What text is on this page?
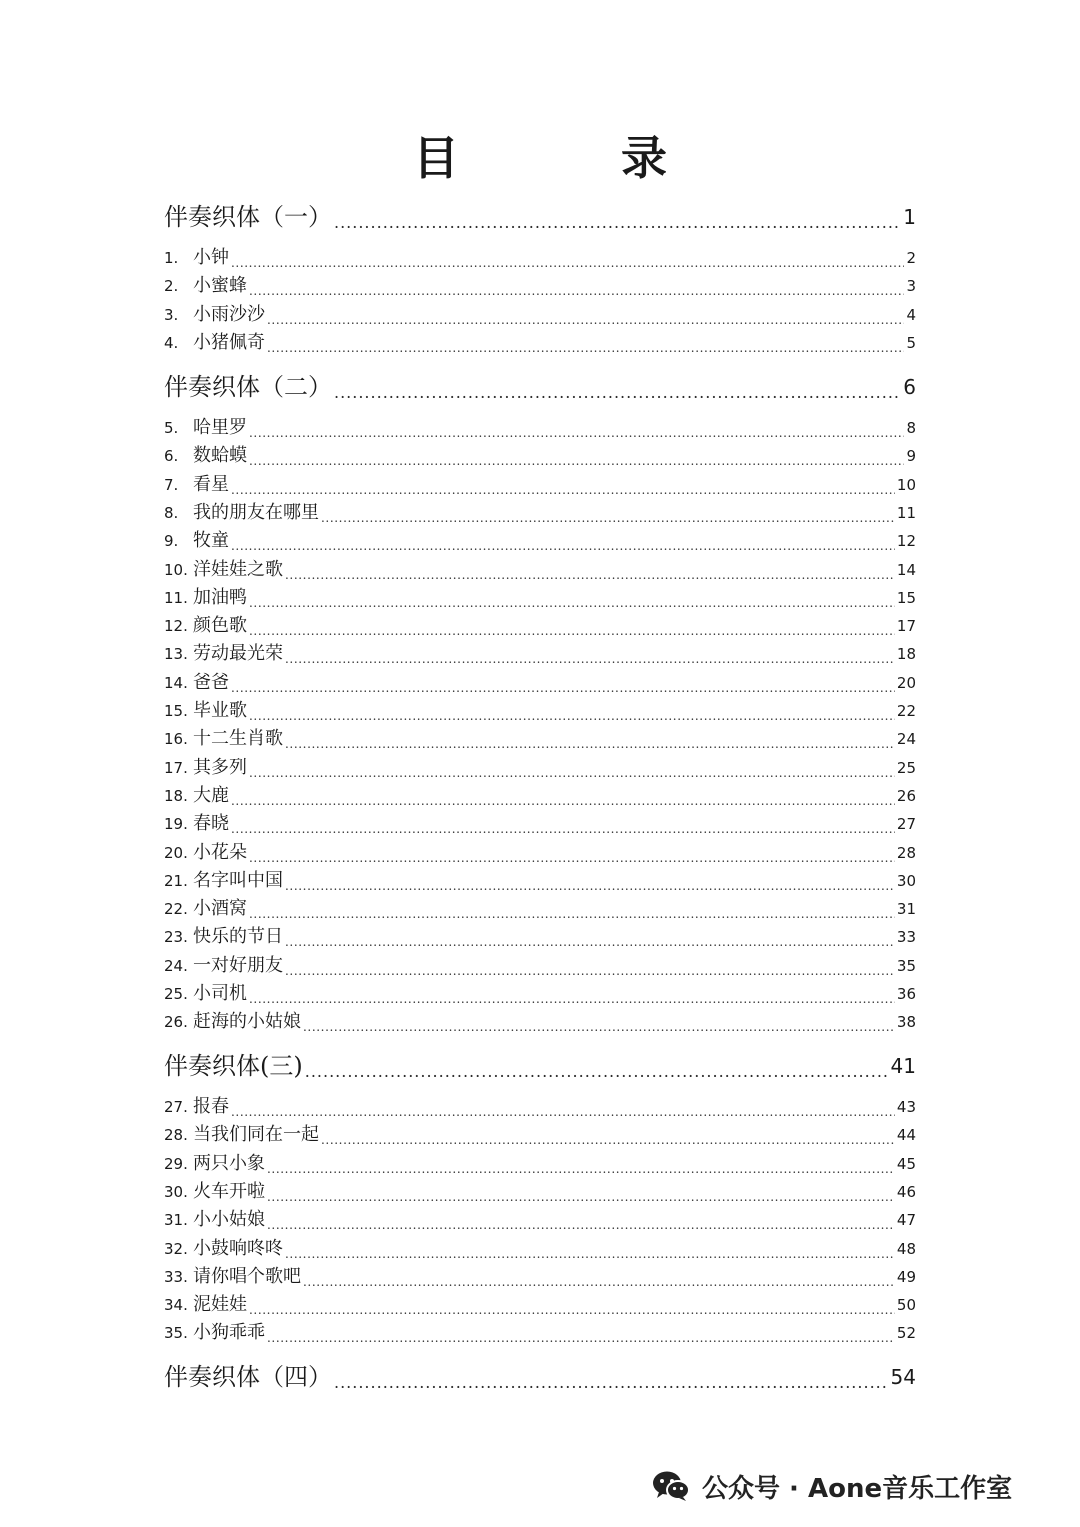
目　录
伴奏织体（一） .....	1
1. 小钟 .....	2
2. 小蜜蜂 .....	3
3. 小雨沙沙 .....	4
4. 小猪佩奇 .....	5
伴奏织体（二） .....	6
5. 哈里罗 .....	8
6. 数蛤蟆 .....	9
7. 看星 .....	10
8. 我的朋友在哪里 .....	11
9. 牧童 .....	12
10. 洋娃娃之歌 .....	14
11. 加油鸭 .....	15
12. 颜色歌 .....	17
13. 劳动最光荣 .....	18
14. 爸爸 .....	20
15. 毕业歌 .....	22
16. 十二生肖歌 .....	24
17. 其多列 .....	25
18. 大鹿 .....	26
19. 春晓 .....	27
20. 小花朵 .....	28
21. 名字叫中国 .....	30
22. 小酒窝 .....	31
23. 快乐的节日 .....	33
24. 一对好朋友 .....	35
25. 小司机 .....	36
26. 赶海的小姑娘 .....	38
伴奏织体(三) .....	41
27. 报春 .....	43
28. 当我们同在一起 .....	44
29. 两只小象 .....	45
30. 火车开啦 .....	46
31. 小小姑娘 .....	47
32. 小鼓响咚咚 .....	48
33. 请你唱个歌吧 .....	49
34. 泥娃娃 .....	50
35. 小狗乖乖 .....	52
伴奏织体（四） .....	54
公众号 · Aone音乐工作室
